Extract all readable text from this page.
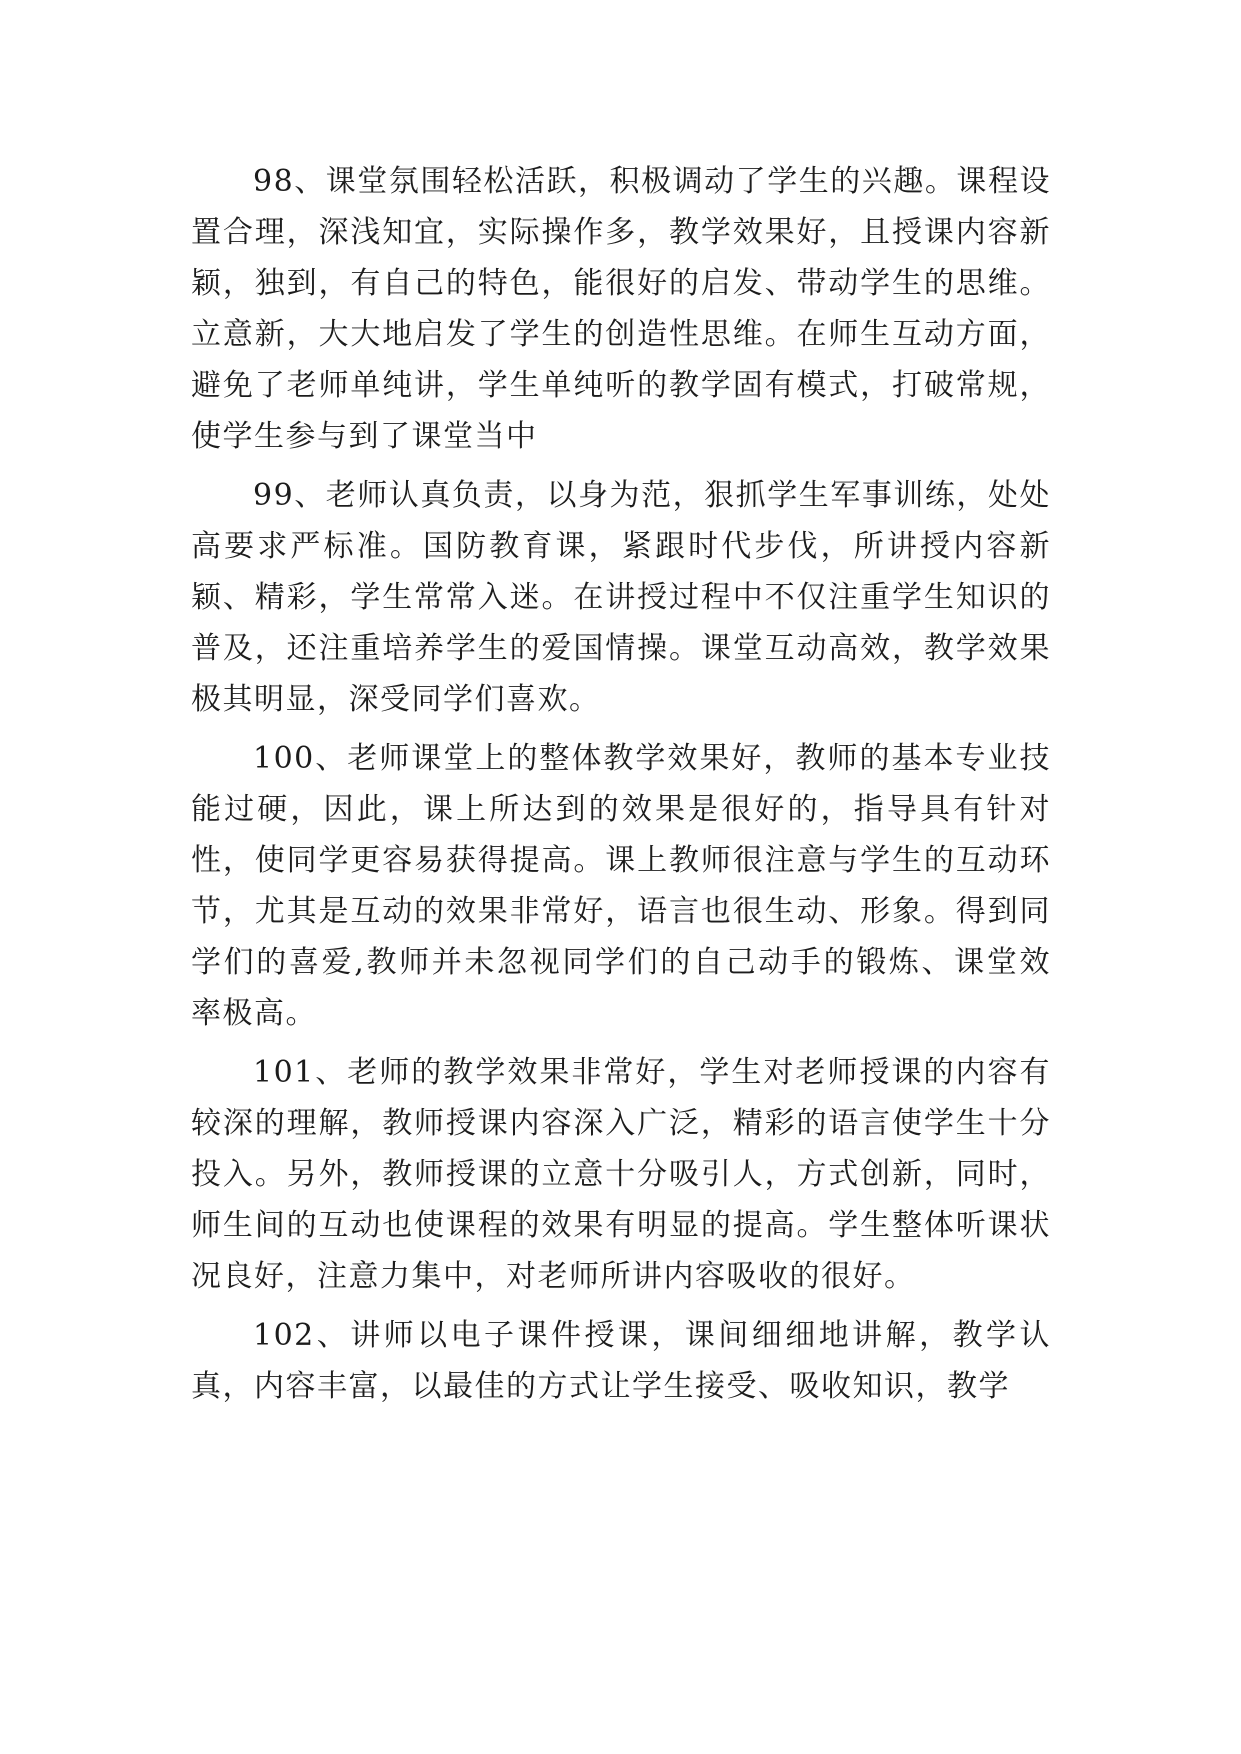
98、课堂氛围轻松活跃，积极调动了学生的兴趣。课程设置合理，深浅知宜，实际操作多，教学效果好，且授课内容新颖，独到，有自己的特色，能很好的启发、带动学生的思维。立意新，大大地启发了学生的创造性思维。在师生互动方面，避免了老师单纯讲，学生单纯听的教学固有模式，打破常规，使学生参与到了课堂当中

99、老师认真负责，以身为范，狠抓学生军事训练，处处高要求严标准。国防教育课，紧跟时代步伐，所讲授内容新颖、精彩，学生常常入迷。在讲授过程中不仅注重学生知识的普及，还注重培养学生的爱国情操。课堂互动高效，教学效果极其明显，深受同学们喜欢。

100、老师课堂上的整体教学效果好，教师的基本专业技能过硬，因此，课上所达到的效果是很好的，指导具有针对性，使同学更容易获得提高。课上教师很注意与学生的互动环节，尤其是互动的效果非常好，语言也很生动、形象。得到同学们的喜爱,教师并未忽视同学们的自己动手的锻炼、课堂效率极高。

101、老师的教学效果非常好，学生对老师授课的内容有较深的理解，教师授课内容深入广泛，精彩的语言使学生十分投入。另外，教师授课的立意十分吸引人，方式创新，同时，师生间的互动也使课程的效果有明显的提高。学生整体听课状况良好，注意力集中，对老师所讲内容吸收的很好。

102、讲师以电子课件授课，课间细细地讲解，教学认真，内容丰富，以最佳的方式让学生接受、吸收知识，教学
